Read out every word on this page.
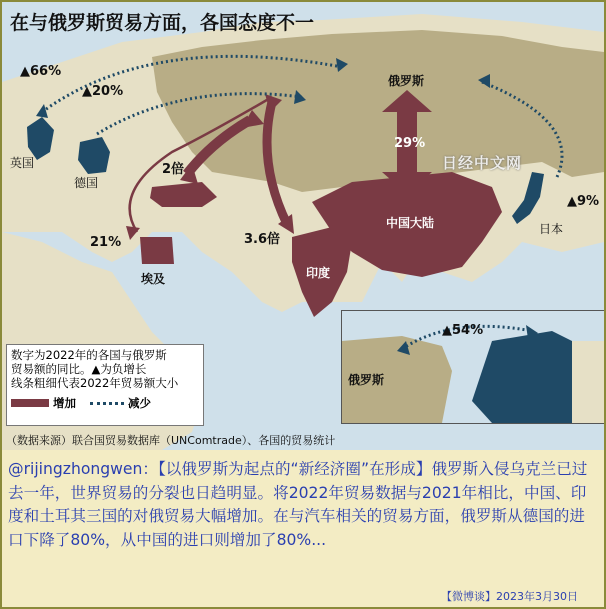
在与俄罗斯贸易方面，各国态度不一
俄罗斯
英国
德国
埃及	印度
中国大陆	日本
▲66%
▲20%
2倍
21%	3.6倍
29%
▲9%
日经中文网
数字为2022年的各国与俄罗斯
贸易额的同比。▲为负增长
线条粗细代表2022年贸易额大小
增加	减少
▲54%
俄罗斯
（数据来源）联合国贸易数据库（UNComtrade）、各国的贸易统计
@rijingzhongwen：【以俄罗斯为起点的“新经济圈”在形成】俄罗斯入侵乌克兰已过去一年，世界贸易的分裂也日趋明显。将2022年贸易数据与2021年相比，中国、印度和土耳其三国的对俄贸易大幅增加。在与汽车相关的贸易方面，俄罗斯从德国的进口下降了80%，从中国的进口则增加了80%...
【微博谈】2023年3月30日
